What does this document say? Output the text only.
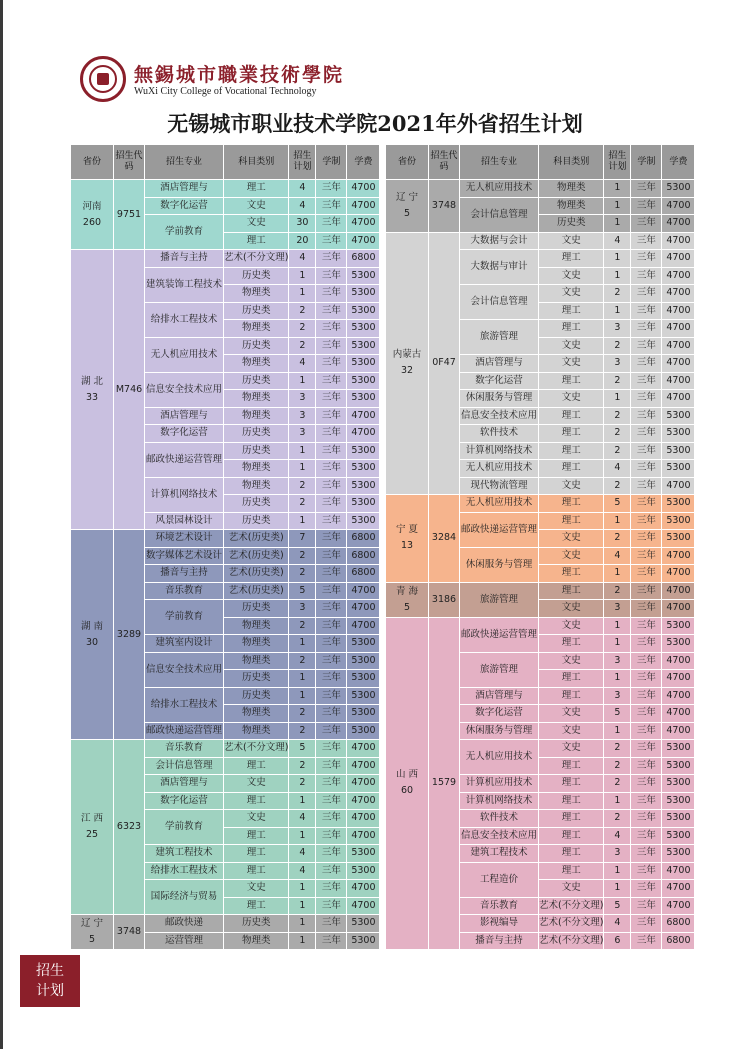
無錫城市職業技術學院
WuXi City College of Vocational Technology
无锡城市职业技术学院2021年外省招生计划
省份	招生代码	招生专业	科目类别	招生计划	学制	学费
河南
260	9751	酒店管理与	理工	4	三年	4700
		数字化运营	文史	4	三年	4700
		学前教育	文史	30	三年	4700
			理工	20	三年	4700
湖 北
33	M746	播音与主持	艺术(不分文理)	4	三年	6800
		建筑装饰工程技术	历史类	1	三年	5300
			物理类	1	三年	5300
		给排水工程技术	历史类	2	三年	5300
			物理类	2	三年	5300
		无人机应用技术	历史类	2	三年	5300
			物理类	4	三年	5300
		信息安全技术应用	历史类	1	三年	5300
			物理类	3	三年	5300
		酒店管理与	物理类	3	三年	4700
		数字化运营	历史类	3	三年	4700
		邮政快递运营管理	历史类	1	三年	5300
			物理类	1	三年	5300
		计算机网络技术	物理类	2	三年	5300
			历史类	2	三年	5300
		风景园林设计	历史类	1	三年	5300
湖 南
30	3289	环境艺术设计	艺术(历史类)	7	三年	6800
		数字媒体艺术设计	艺术(历史类)	2	三年	6800
		播音与主持	艺术(历史类)	2	三年	6800
		音乐教育	艺术(历史类)	5	三年	4700
		学前教育	历史类	3	三年	4700
			物理类	2	三年	4700
		建筑室内设计	物理类	1	三年	5300
		信息安全技术应用	物理类	2	三年	5300
			历史类	1	三年	5300
		给排水工程技术	历史类	1	三年	5300
			物理类	2	三年	5300
		邮政快递运营管理	物理类	2	三年	5300
江 西
25	6323	音乐教育	艺术(不分文理)	5	三年	4700
		会计信息管理	理工	2	三年	4700
		酒店管理与	文史	2	三年	4700
		数字化运营	理工	1	三年	4700
		学前教育	文史	4	三年	4700
			理工	1	三年	4700
		建筑工程技术	理工	4	三年	5300
		给排水工程技术	理工	4	三年	5300
		国际经济与贸易	文史	1	三年	4700
			理工	1	三年	4700
辽 宁
5	3748	邮政快递	历史类	1	三年	5300
		运营管理	物理类	1	三年	5300
省份	招生代码	招生专业	科目类别	招生计划	学制	学费
辽 宁
5	3748	无人机应用技术	物理类	1	三年	5300
		会计信息管理	物理类	1	三年	4700
			历史类	1	三年	4700
内蒙古
32	0F47	大数据与会计	文史	4	三年	4700
		大数据与审计	理工	1	三年	4700
			文史	1	三年	4700
		会计信息管理	文史	2	三年	4700
			理工	1	三年	4700
		旅游管理	理工	3	三年	4700
			文史	2	三年	4700
		酒店管理与	文史	3	三年	4700
		数字化运营	理工	2	三年	4700
		休闲服务与管理	文史	1	三年	4700
		信息安全技术应用	理工	2	三年	5300
		软件技术	理工	2	三年	5300
		计算机网络技术	理工	2	三年	5300
		无人机应用技术	理工	4	三年	5300
		现代物流管理	文史	2	三年	4700
宁 夏
13	3284	无人机应用技术	理工	5	三年	5300
		邮政快递运营管理	理工	1	三年	5300
			文史	2	三年	5300
		休闲服务与管理	文史	4	三年	4700
			理工	1	三年	4700
青 海
5	3186	旅游管理	理工	2	三年	4700
			文史	3	三年	4700
山 西
60	1579	邮政快递运营管理	文史	1	三年	5300
			理工	1	三年	5300
		旅游管理	文史	3	三年	4700
			理工	1	三年	4700
		酒店管理与	理工	3	三年	4700
		数字化运营	文史	5	三年	4700
		休闲服务与管理	文史	1	三年	4700
		无人机应用技术	文史	2	三年	5300
			理工	2	三年	5300
		计算机应用技术	理工	2	三年	5300
		计算机网络技术	理工	1	三年	5300
		软件技术	理工	2	三年	5300
		信息安全技术应用	理工	4	三年	5300
		建筑工程技术	理工	3	三年	5300
		工程造价	理工	1	三年	4700
			文史	1	三年	4700
		音乐教育	艺术(不分文理)	5	三年	4700
		影视编导	艺术(不分文理)	4	三年	6800
		播音与主持	艺术(不分文理)	6	三年	6800
招生
计划
